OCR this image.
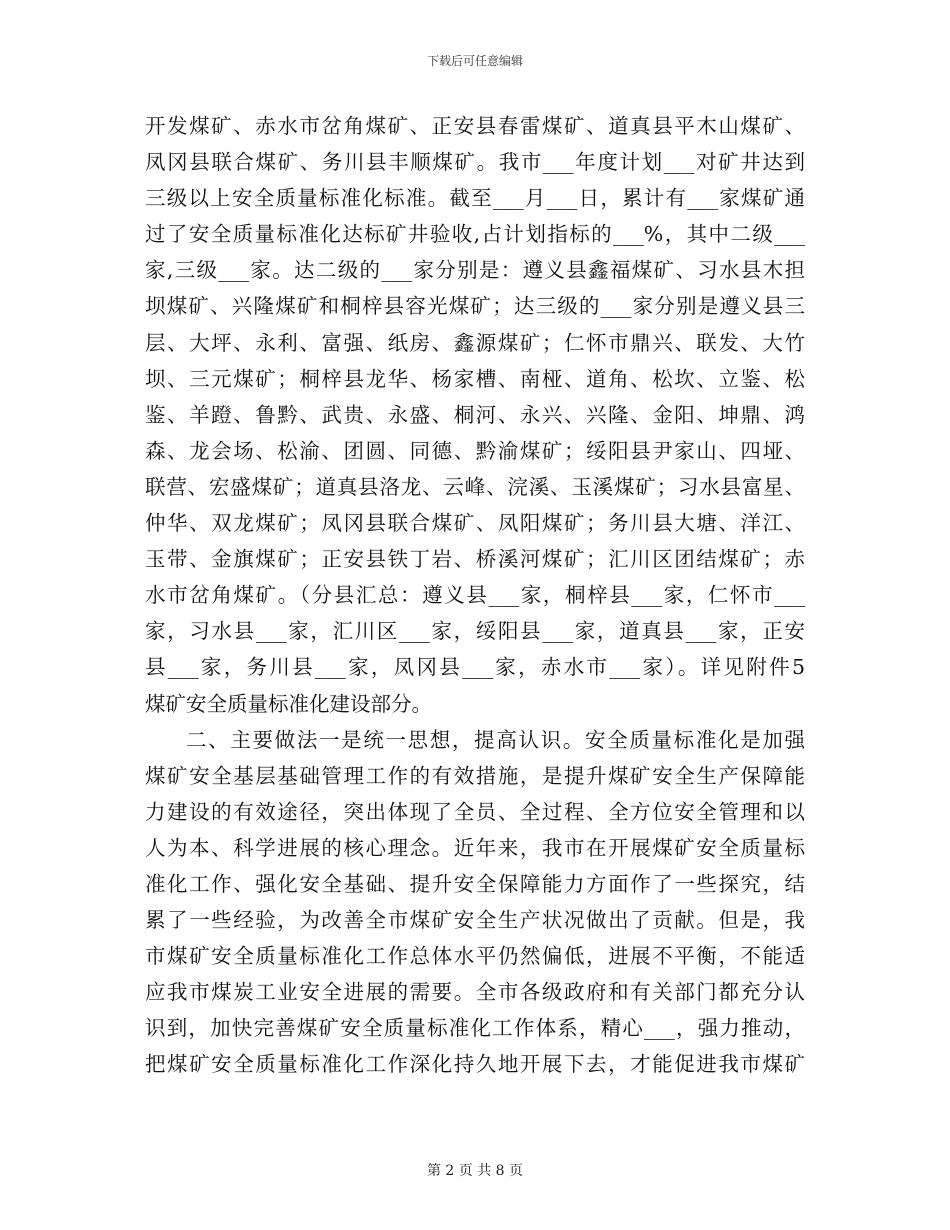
下载后可任意编辑
开发煤矿、赤水市岔角煤矿、正安县春雷煤矿、道真县平木山煤矿、
凤冈县联合煤矿、务川县丰顺煤矿。我市___年度计划___对矿井达到
三级以上安全质量标准化标准。截至___月___日，累计有___家煤矿通
过了安全质量标准化达标矿井验收,占计划指标的___%，其中二级___
家,三级___家。达二级的___家分别是：遵义县鑫福煤矿、习水县木担
坝煤矿、兴隆煤矿和桐梓县容光煤矿；达三级的___家分别是遵义县三
层、大坪、永利、富强、纸房、鑫源煤矿；仁怀市鼎兴、联发、大竹
坝、三元煤矿；桐梓县龙华、杨家槽、南桠、道角、松坎、立鉴、松
鉴、羊蹬、鲁黔、武贵、永盛、桐河、永兴、兴隆、金阳、坤鼎、鸿
森、龙会场、松渝、团圆、同德、黔渝煤矿；绥阳县尹家山、四垭、
联营、宏盛煤矿；道真县洛龙、云峰、浣溪、玉溪煤矿；习水县富星、
仲华、双龙煤矿；凤冈县联合煤矿、凤阳煤矿；务川县大塘、洋江、
玉带、金旗煤矿；正安县铁丁岩、桥溪河煤矿；汇川区团结煤矿；赤
水市岔角煤矿。（分县汇总：遵义县___家，桐梓县___家，仁怀市___
家，习水县___家，汇川区___家，绥阳县___家，道真县___家，正安
县___家，务川县___家，凤冈县___家，赤水市___家）。详见附件5
煤矿安全质量标准化建设部分。
二、主要做法一是统一思想，提高认识。安全质量标准化是加强
煤矿安全基层基础管理工作的有效措施，是提升煤矿安全生产保障能
力建设的有效途径，突出体现了全员、全过程、全方位安全管理和以
人为本、科学进展的核心理念。近年来，我市在开展煤矿安全质量标
准化工作、强化安全基础、提升安全保障能力方面作了一些探究，结
累了一些经验，为改善全市煤矿安全生产状况做出了贡献。但是，我
市煤矿安全质量标准化工作总体水平仍然偏低，进展不平衡，不能适
应我市煤炭工业安全进展的需要。全市各级政府和有关部门都充分认
识到，加快完善煤矿安全质量标准化工作体系，精心___，强力推动，
把煤矿安全质量标准化工作深化持久地开展下去，才能促进我市煤矿
第 2 页 共 8 页
